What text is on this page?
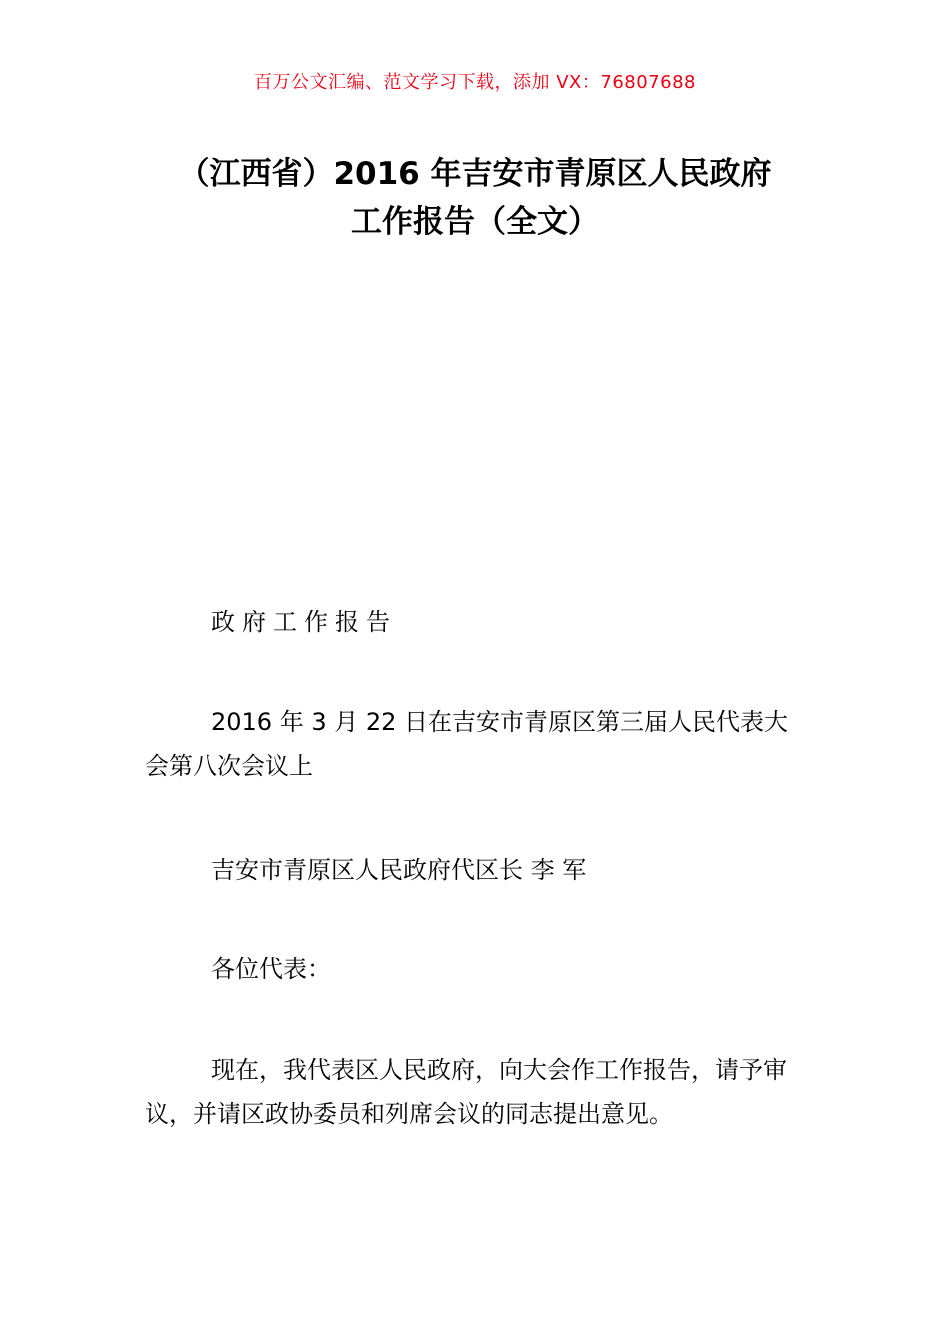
百万公文汇编、范文学习下载，添加 VX：76807688
（江西省）2016 年吉安市青原区人民政府
工作报告（全文）
政府工作报告
2016 年 3 月 22 日在吉安市青原区第三届人民代表大会第八次会议上
吉安市青原区人民政府代区长 李 军
各位代表：
现在，我代表区人民政府，向大会作工作报告，请予审议，并请区政协委员和列席会议的同志提出意见。
